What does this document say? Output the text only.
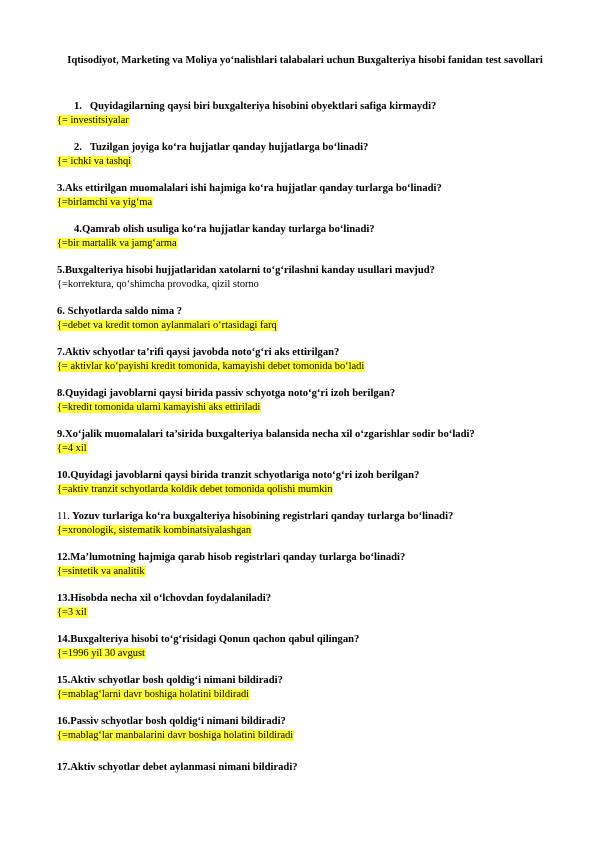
Iqtisodiyot, Marketing va Moliya yo‘nalishlari talabalari uchun Buxgalteriya hisobi fanidan test savollari
1. Quyidagilarning qaysi biri buxgalteriya hisobini obyektlari safiga kirmaydi?
{= investitsiyalar
2. Tuzilgan joyiga ko‘ra hujjatlar qanday hujjatlarga bo‘linadi?
{= ichki va tashqi
3.Aks ettirilgan muomalalari ishi hajmiga ko‘ra hujjatlar qanday turlarga bo‘linadi?
{=birlamchi va yig‘ma
4.Qamrab olish usuliga ko‘ra hujjatlar kanday turlarga bo‘linadi?
{=bir martalik va jamg‘arma
5.Buxgalteriya hisobi hujjatlaridan xatolarni to‘g‘rilashni kanday usullari mavjud?
{=korrektura, qo‘shimcha provodka, qizil storno
6. Schyotlarda saldo nima ?
{=debet va kredit tomon aylanmalari o‘rtasidagi farq
7.Aktiv schyotlar ta’rifi qaysi javobda noto‘g‘ri aks ettirilgan?
{= aktivlar ko‘payishi kredit tomonida, kamayishi debet tomonida bo‘ladi
8.Quyidagi javoblarni qaysi birida passiv schyotga noto‘g‘ri izoh berilgan?
{=kredit tomonida ularni kamayishi aks ettiriladi
9.Xo‘jalik muomalalari ta’sirida buxgalteriya balansida necha xil o‘zgarishlar sodir bo‘ladi?
{=4 xil
10.Quyidagi javoblarni qaysi birida tranzit schyotlariga noto‘g‘ri izoh berilgan?
{=aktiv tranzit schyotlarda koldik debet tomonida qolishi mumkin
11. Yozuv turlariga ko‘ra buxgalteriya hisobining registrlari qanday turlarga bo‘linadi?
{=xronologik, sistematik kombinatsiyalashgan
12.Ma’lumotning hajmiga qarab hisob registrlari qanday turlarga bo‘linadi?
{=sintetik va analitik
13.Hisobda necha xil o‘lchovdan foydalaniladi?
{=3 xil
14.Buxgalteriya hisobi to‘g‘risidagi Qonun qachon qabul qilingan?
{=1996 yil 30 avgust
15.Aktiv schyotlar bosh qoldig‘i nimani bildiradi?
{=mablag‘larni davr boshiga holatini bildiradi
16.Passiv schyotlar bosh qoldig‘i nimani bildiradi?
{=mablag‘lar manbalarini davr boshiga holatini bildiradi
17.Aktiv schyotlar debet aylanmasi nimani bildiradi?
